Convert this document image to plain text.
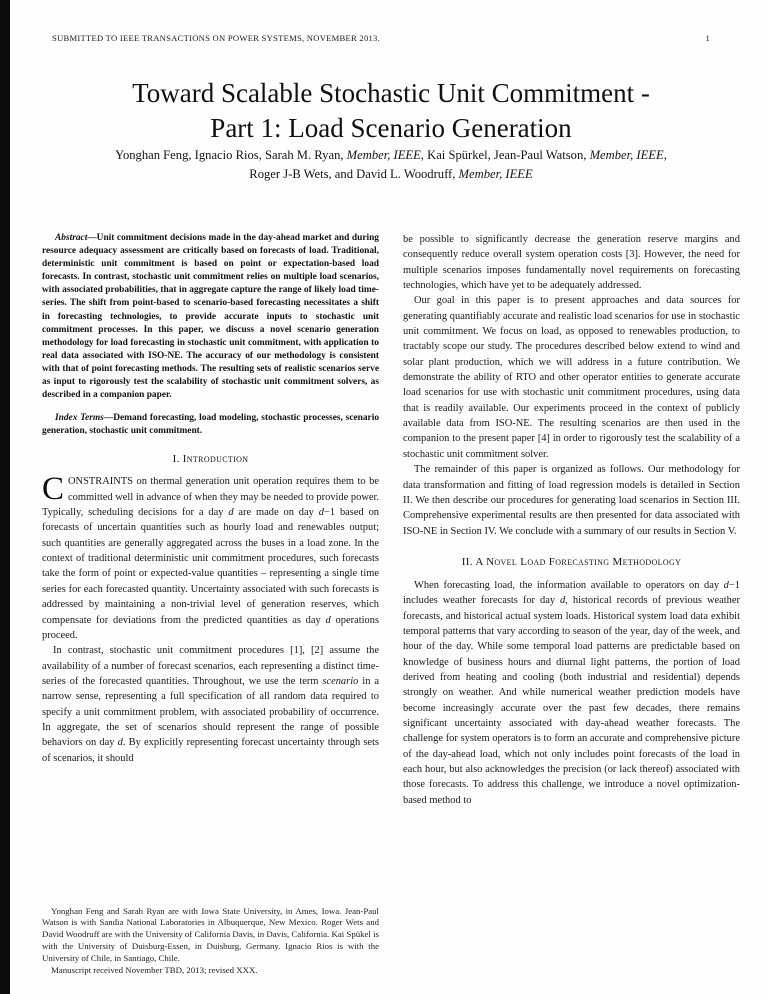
SUBMITTED TO IEEE TRANSACTIONS ON POWER SYSTEMS, NOVEMBER 2013.	1
Toward Scalable Stochastic Unit Commitment -
Part 1: Load Scenario Generation
Yonghan Feng, Ignacio Rios, Sarah M. Ryan, Member, IEEE, Kai Spürkel, Jean-Paul Watson, Member, IEEE,
Roger J-B Wets, and David L. Woodruff, Member, IEEE

Abstract—Unit commitment decisions made in the day-ahead market and during resource adequacy assessment are critically based on forecasts of load. Traditional, deterministic unit commitment is based on point or expectation-based load forecasts. In contrast, stochastic unit commitment relies on multiple load scenarios, with associated probabilities, that in aggregate capture the range of likely load time-series. The shift from point-based to scenario-based forecasting necessitates a shift in forecasting technologies, to provide accurate inputs to stochastic unit commitment processes. In this paper, we discuss a novel scenario generation methodology for load forecasting in stochastic unit commitment, with application to real data associated with ISO-NE. The accuracy of our methodology is consistent with that of point forecasting methods. The resulting sets of realistic scenarios serve as input to rigorously test the scalability of stochastic unit commitment solvers, as described in a companion paper.

Index Terms—Demand forecasting, load modeling, stochastic processes, scenario generation, stochastic unit commitment.

I. Introduction

CONSTRAINTS on thermal generation unit operation requires them to be committed well in advance of when they may be needed to provide power. Typically, scheduling decisions for a day d are made on day d−1 based on forecasts of uncertain quantities such as hourly load and renewables output; such quantities are generally aggregated across the buses in a load zone. In the context of traditional deterministic unit commitment procedures, such forecasts take the form of point or expected-value quantities – representing a single time series for each forecasted quantity. Uncertainty associated with such forecasts is addressed by maintaining a non-trivial level of generation reserves, which compensate for deviations from the predicted quantities as day d operations proceed.

In contrast, stochastic unit commitment procedures [1], [2] assume the availability of a number of forecast scenarios, each representing a distinct time-series of the forecasted quantities. Throughout, we use the term scenario in a narrow sense, representing a full specification of all random data required to specify a unit commitment problem, with associated probability of occurrence. In aggregate, the set of scenarios should represent the range of possible behaviors on day d. By explicitly representing forecast uncertainty through sets of scenarios, it should

Yonghan Feng and Sarah Ryan are with Iowa State University, in Ames, Iowa. Jean-Paul Watson is with Sandia National Laboratories in Albuquerque, New Mexico. Roger Wets and David Woodruff are with the University of California Davis, in Davis, California. Kai Spükel is with the University of Duisburg-Essen, in Duisburg, Germany. Ignacio Rios is with the University of Chile, in Santiago, Chile.

Manuscript received November TBD, 2013; revised XXX.

be possible to significantly decrease the generation reserve margins and consequently reduce overall system operation costs [3]. However, the need for multiple scenarios imposes fundamentally novel requirements on forecasting technologies, which have yet to be adequately addressed.

Our goal in this paper is to present approaches and data sources for generating quantifiably accurate and realistic load scenarios for use in stochastic unit commitment. We focus on load, as opposed to renewables production, to tractably scope our study. The procedures described below extend to wind and solar plant production, which we will address in a future contribution. We demonstrate the ability of RTO and other operator entities to generate accurate load scenarios for use with stochastic unit commitment procedures, using data that is readily available. Our experiments proceed in the context of publicly available data from ISO-NE. The resulting scenarios are then used in the companion to the present paper [4] in order to rigorously test the scalability of a stochastic unit commitment solver.

The remainder of this paper is organized as follows. Our methodology for data transformation and fitting of load regression models is detailed in Section II. We then describe our procedures for generating load scenarios in Section III. Comprehensive experimental results are then presented for data associated with ISO-NE in Section IV. We conclude with a summary of our results in Section V.

II. A Novel Load Forecasting Methodology

When forecasting load, the information available to operators on day d−1 includes weather forecasts for day d, historical records of previous weather forecasts, and historical actual system loads. Historical system load data exhibit temporal patterns that vary according to season of the year, day of the week, and hour of the day. While some temporal load patterns are predictable based on knowledge of business hours and diurnal light patterns, the portion of load derived from heating and cooling (both industrial and residential) depends strongly on weather. And while numerical weather prediction models have become increasingly accurate over the past few decades, there remains significant uncertainty associated with day-ahead weather forecasts. The challenge for system operators is to form an accurate and comprehensive picture of the day-ahead load, which not only includes point forecasts of the load in each hour, but also acknowledges the precision (or lack thereof) associated with those forecasts. To address this challenge, we introduce a novel optimization-based method to
